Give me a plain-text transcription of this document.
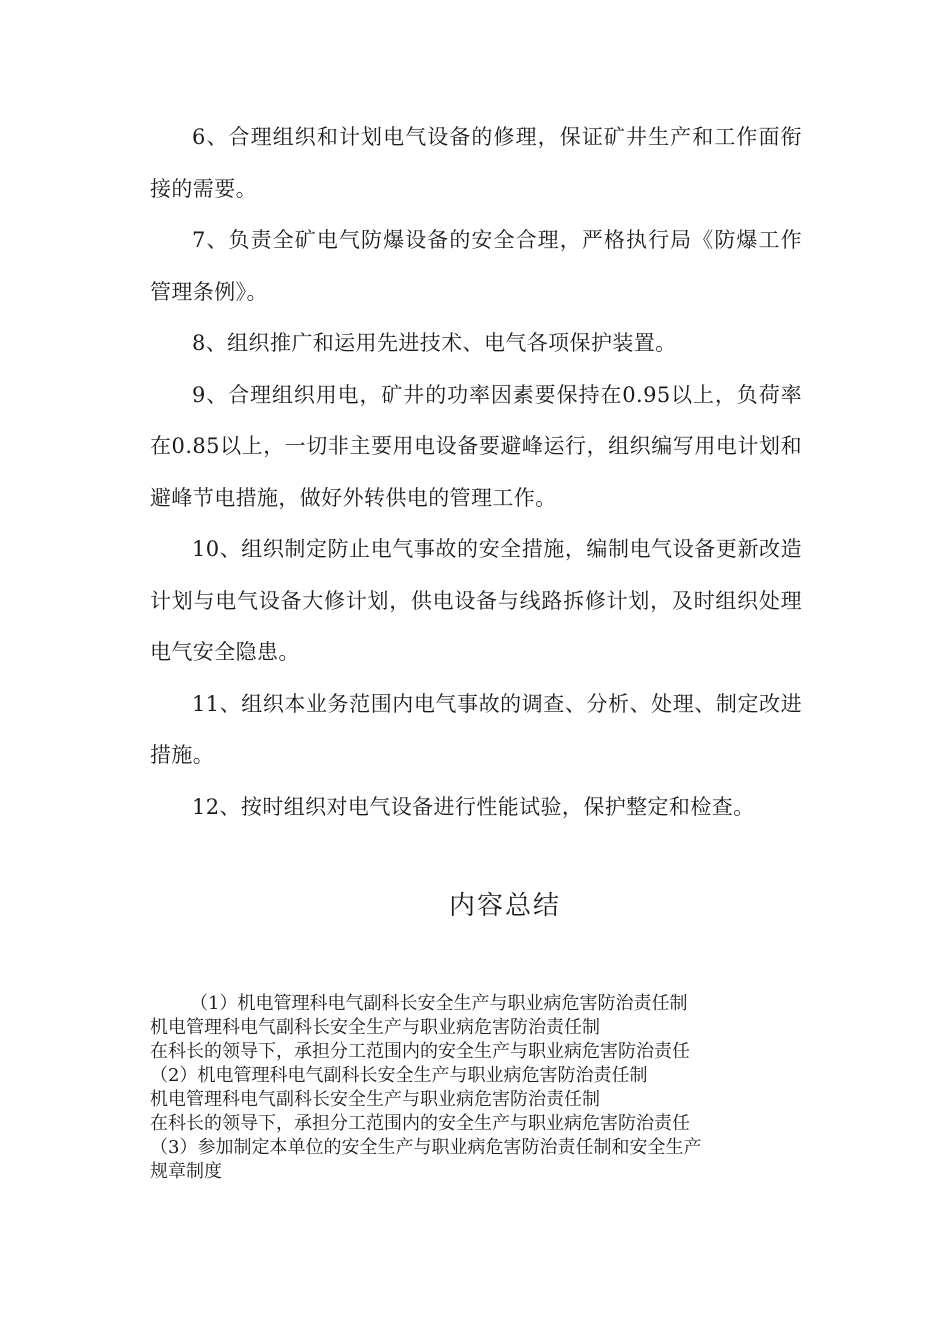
6、合理组织和计划电气设备的修理，保证矿井生产和工作面衔接的需要。

7、负责全矿电气防爆设备的安全合理，严格执行局《防爆工作管理条例》。

8、组织推广和运用先进技术、电气各项保护装置。

9、合理组织用电，矿井的功率因素要保持在0.95以上，负荷率在0.85以上，一切非主要用电设备要避峰运行，组织编写用电计划和避峰节电措施，做好外转供电的管理工作。

10、组织制定防止电气事故的安全措施，编制电气设备更新改造计划与电气设备大修计划，供电设备与线路拆修计划，及时组织处理电气安全隐患。

11、组织本业务范围内电气事故的调查、分析、处理、制定改进措施。

12、按时组织对电气设备进行性能试验，保护整定和检查。

内容总结
（1）机电管理科电气副科长安全生产与职业病危害防治责任制
机电管理科电气副科长安全生产与职业病危害防治责任制
在科长的领导下，承担分工范围内的安全生产与职业病危害防治责任
（2）机电管理科电气副科长安全生产与职业病危害防治责任制
机电管理科电气副科长安全生产与职业病危害防治责任制
在科长的领导下，承担分工范围内的安全生产与职业病危害防治责任
（3）参加制定本单位的安全生产与职业病危害防治责任制和安全生产
规章制度
